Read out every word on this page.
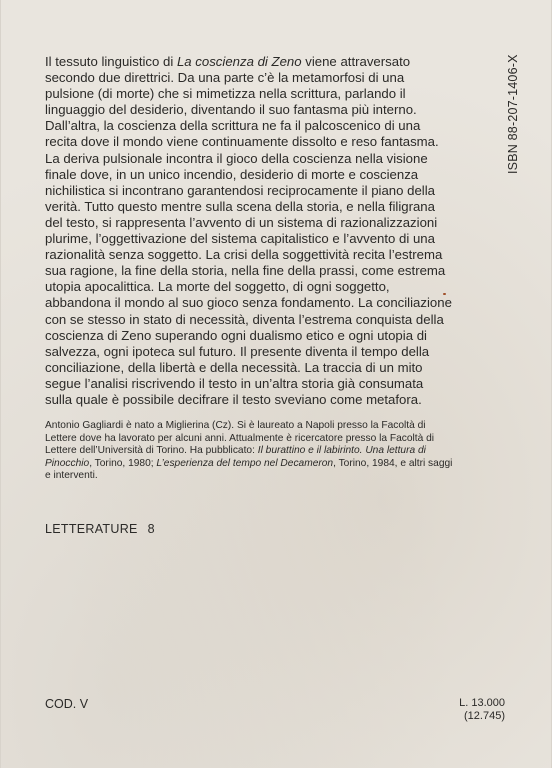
Il tessuto linguistico di La coscienza di Zeno viene attraversato secondo due direttrici. Da una parte c’è la metamorfosi di una pulsione (di morte) che si mimetizza nella scrittura, parlando il linguaggio del desiderio, diventando il suo fantasma più interno. Dall’altra, la coscienza della scrittura ne fa il palcoscenico di una recita dove il mondo viene continuamente dissolto e reso fantasma. La deriva pulsionale incontra il gioco della coscienza nella visione finale dove, in un unico incendio, desiderio di morte e coscienza nichilistica si incontrano garantendosi reciprocamente il piano della verità. Tutto questo mentre sulla scena della storia, e nella filigrana del testo, si rappresenta l’avvento di un sistema di razionalizzazioni plurime, l’oggettivazione del sistema capitalistico e l’avvento di una razionalità senza soggetto. La crisi della soggettività recita l’estrema sua ragione, la fine della storia, nella fine della prassi, come estrema utopia apocalittica. La morte del soggetto, di ogni soggetto, abbandona il mondo al suo gioco senza fondamento. La conciliazione con se stesso in stato di necessità, diventa l’estrema conquista della coscienza di Zeno superando ogni dualismo etico e ogni utopia di salvezza, ogni ipoteca sul futuro. Il presente diventa il tempo della conciliazione, della libertà e della necessità. La traccia di un mito segue l’analisi riscrivendo il testo in un’altra storia già consumata sulla quale è possibile decifrare il testo sveviano come metafora.

ISBN 88-207-1406-X

Antonio Gagliardi è nato a Miglierina (Cz). Si è laureato a Napoli presso la Facoltà di Lettere dove ha lavorato per alcuni anni. Attualmente è ricercatore presso la Facoltà di Lettere dell’Università di Torino. Ha pubblicato: Il burattino e il labirinto. Una lettura di Pinocchio, Torino, 1980; L’esperienza del tempo nel Decameron, Torino, 1984, e altri saggi e interventi.

LETTERATURE 8
COD. V	L. 13.000
(12.745)
